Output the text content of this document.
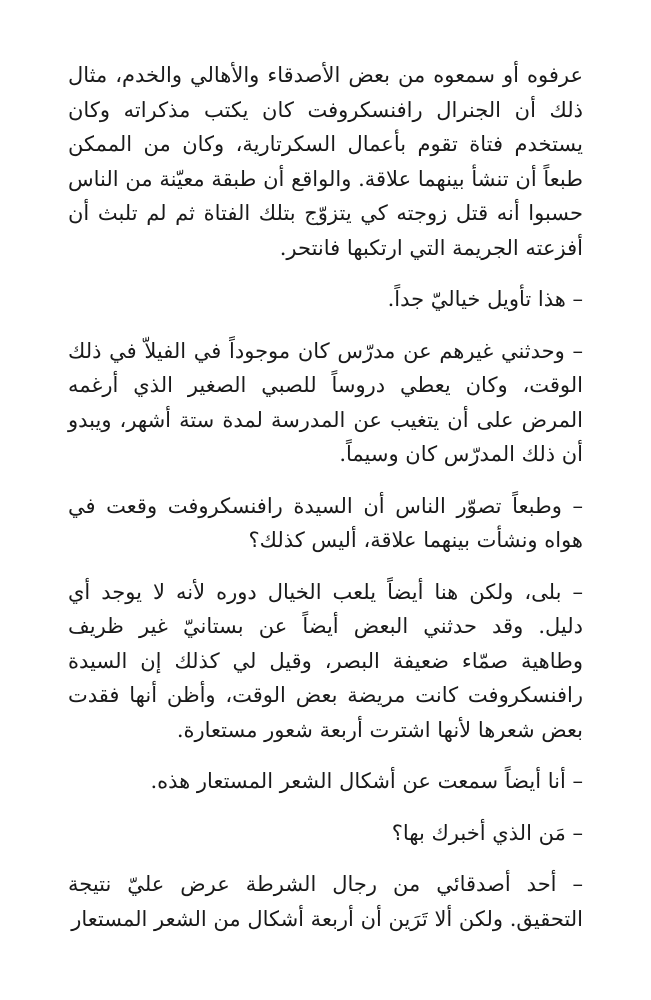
عرفوه أو سمعوه من بعض الأصدقاء والأهالي والخدم، مثال ذلك أن الجنرال رافنسكروفت كان يكتب مذكراته وكان يستخدم فتاة تقوم بأعمال السكرتارية، وكان من الممكن طبعاً أن تنشأ بينهما علاقة. والواقع أن طبقة معيّنة من الناس حسبوا أنه قتل زوجته كي يتزوّج بتلك الفتاة ثم لم تلبث أن أفزعته الجريمة التي ارتكبها فانتحر.

– هذا تأويل خياليّ جداً.

– وحدثني غيرهم عن مدرّس كان موجوداً في الفيلاّ في ذلك الوقت، وكان يعطي دروساً للصبي الصغير الذي أرغمه المرض على أن يتغيب عن المدرسة لمدة ستة أشهر، ويبدو أن ذلك المدرّس كان وسيماً.

– وطبعاً تصوّر الناس أن السيدة رافنسكروفت وقعت في هواه ونشأت بينهما علاقة، أليس كذلك؟

– بلى، ولكن هنا أيضاً يلعب الخيال دوره لأنه لا يوجد أي دليل. وقد حدثني البعض أيضاً عن بستانيّ غير ظريف وطاهية صمّاء ضعيفة البصر، وقيل لي كذلك إن السيدة رافنسكروفت كانت مريضة بعض الوقت، وأظن أنها فقدت بعض شعرها لأنها اشترت أربعة شعور مستعارة.

– أنا أيضاً سمعت عن أشكال الشعر المستعار هذه.

– مَن الذي أخبرك بها؟

– أحد أصدقائي من رجال الشرطة عرض عليّ نتيجة التحقيق. ولكن ألا تَرَين أن أربعة أشكال من الشعر المستعار
